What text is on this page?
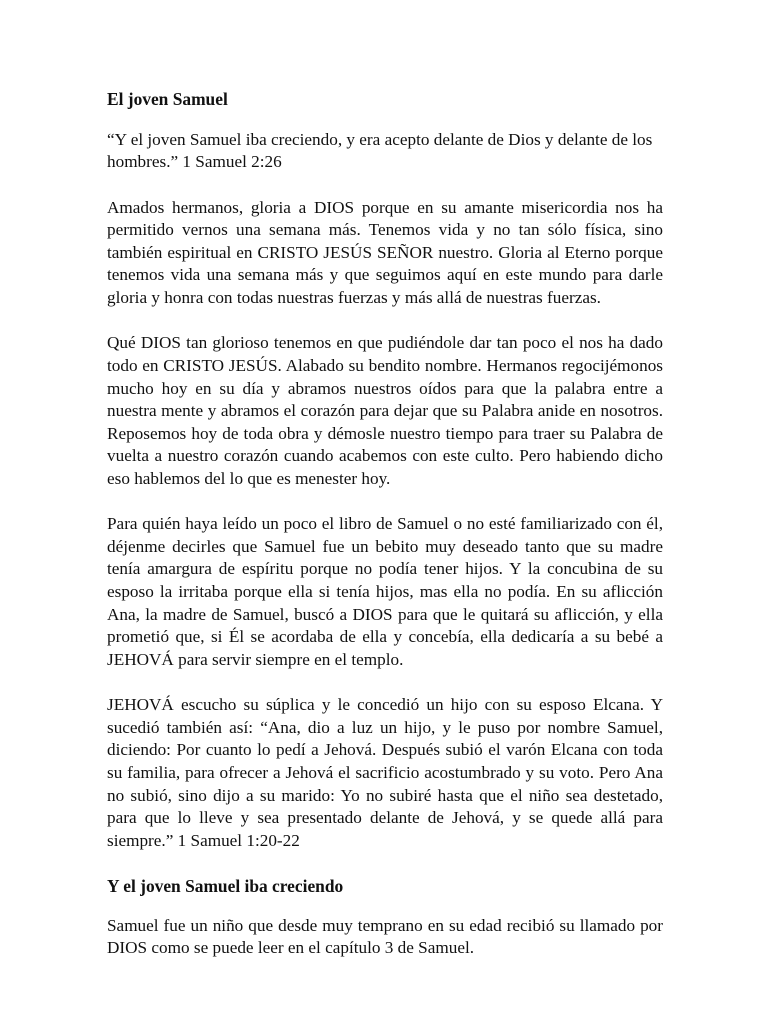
El joven Samuel

“Y el joven Samuel iba creciendo, y era acepto delante de Dios y delante de los hombres.” 1 Samuel 2:26

Amados hermanos, gloria a DIOS porque en su amante misericordia nos ha permitido vernos una semana más. Tenemos vida y no tan sólo física, sino también espiritual en CRISTO JESÚS SEÑOR nuestro. Gloria al Eterno porque tenemos vida una semana más y que seguimos aquí en este mundo para darle gloria y honra con todas nuestras fuerzas y más allá de nuestras fuerzas.

Qué DIOS tan glorioso tenemos en que pudiéndole dar tan poco el nos ha dado todo en CRISTO JESÚS. Alabado su bendito nombre. Hermanos regocijémonos mucho hoy en su día y abramos nuestros oídos para que la palabra entre a nuestra mente y abramos el corazón para dejar que su Palabra anide en nosotros. Reposemos hoy de toda obra y démosle nuestro tiempo para traer su Palabra de vuelta a nuestro corazón cuando acabemos con este culto. Pero habiendo dicho eso hablemos del lo que es menester hoy.

Para quién haya leído un poco el libro de Samuel o no esté familiarizado con él, déjenme decirles que Samuel fue un bebito muy deseado tanto que su madre tenía amargura de espíritu porque no podía tener hijos. Y la concubina de su esposo la irritaba porque ella si tenía hijos, mas ella no podía. En su aflicción Ana, la madre de Samuel, buscó a DIOS para que le quitará su aflicción, y ella prometió que, si Él se acordaba de ella y concebía, ella dedicaría a su bebé a JEHOVÁ para servir siempre en el templo.

JEHOVÁ escucho su súplica y le concedió un hijo con su esposo Elcana. Y sucedió también así: “Ana, dio a luz un hijo, y le puso por nombre Samuel, diciendo: Por cuanto lo pedí a Jehová. Después subió el varón Elcana con toda su familia, para ofrecer a Jehová el sacrificio acostumbrado y su voto. Pero Ana no subió, sino dijo a su marido: Yo no subiré hasta que el niño sea destetado, para que lo lleve y sea presentado delante de Jehová, y se quede allá para siempre.” 1 Samuel 1:20-22

Y el joven Samuel iba creciendo

Samuel fue un niño que desde muy temprano en su edad recibió su llamado por DIOS como se puede leer en el capítulo 3 de Samuel.
